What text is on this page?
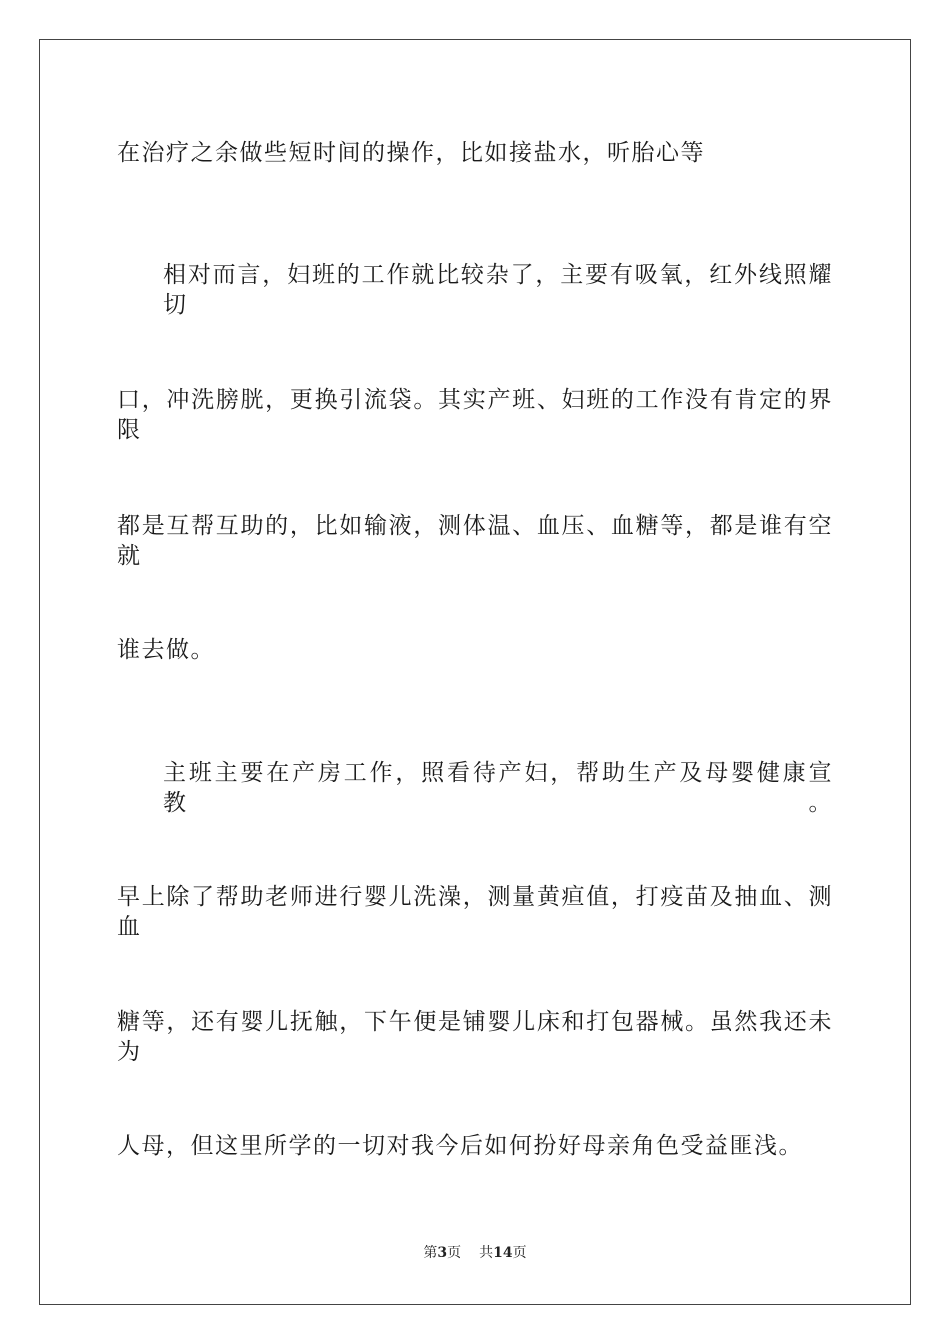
在治疗之余做些短时间的操作，比如接盐水，听胎心等
相对而言，妇班的工作就比较杂了，主要有吸氧，红外线照耀切
口，冲洗膀胱，更换引流袋。其实产班、妇班的工作没有肯定的界限
都是互帮互助的，比如输液，测体温、血压、血糖等，都是谁有空就
谁去做。
主班主要在产房工作，照看待产妇，帮助生产及母婴健康宣教。
早上除了帮助老师进行婴儿洗澡，测量黄疸值，打疫苗及抽血、测血
糖等，还有婴儿抚触，下午便是铺婴儿床和打包器械。虽然我还未为
人母，但这里所学的一切对我今后如何扮好母亲角色受益匪浅。
第3页 共14页
